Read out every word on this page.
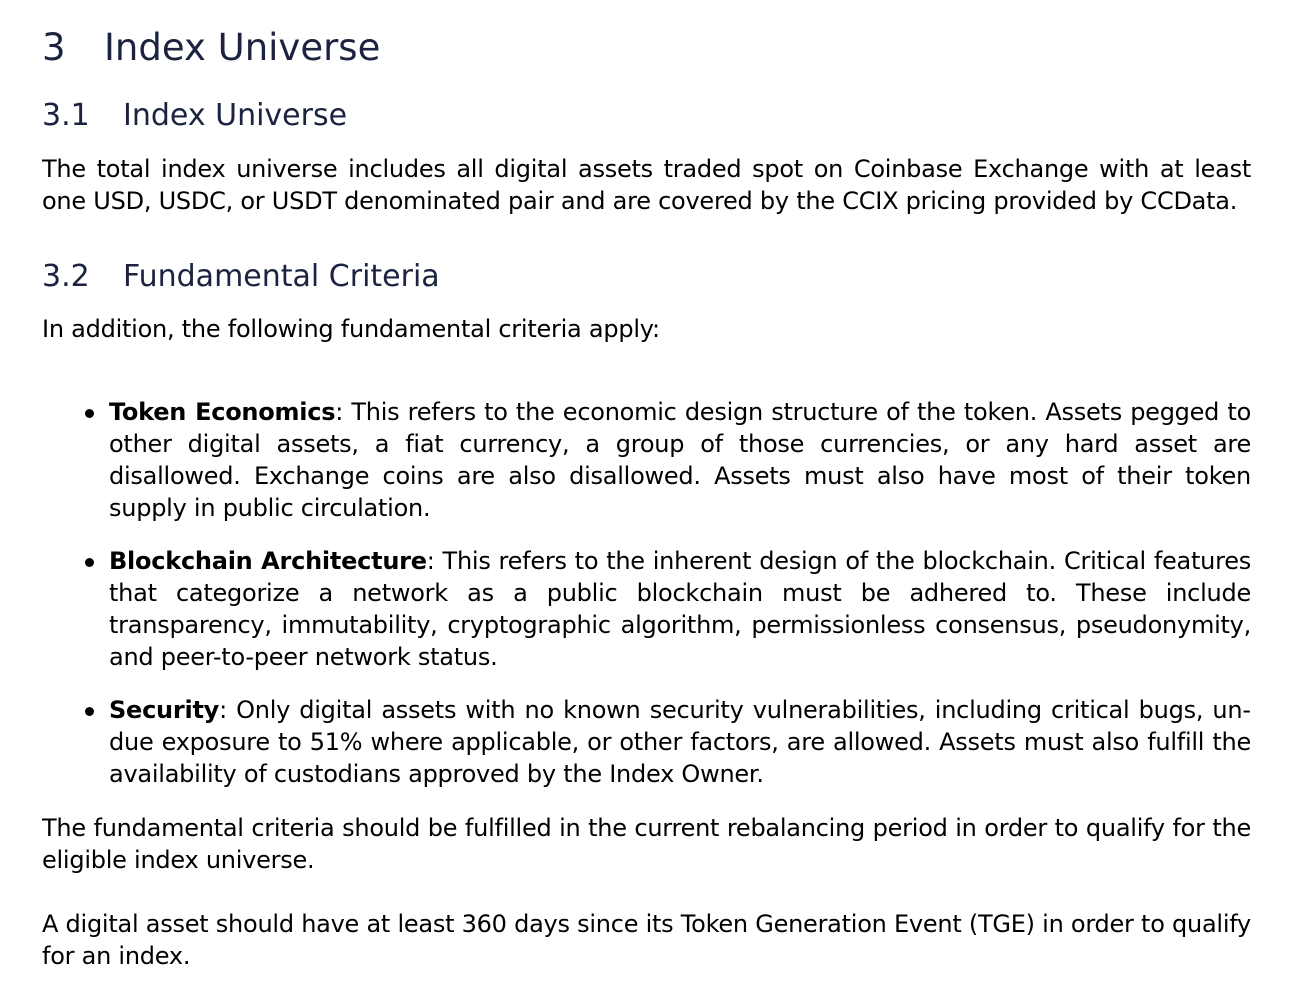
3 Index Universe
3.1 Index Universe
The total index universe includes all digital assets traded spot on Coinbase Exchange with at least one USD, USDC, or USDT denominated pair and are covered by the CCIX pricing provided by CCData.
3.2 Fundamental Criteria
In addition, the following fundamental criteria apply:
Token Economics: This refers to the economic design structure of the token. Assets pegged to other digital assets, a fiat currency, a group of those currencies, or any hard asset are disallowed. Exchange coins are also disallowed. Assets must also have most of their token supply in public circulation.
Blockchain Architecture: This refers to the inherent design of the blockchain. Critical features that categorize a network as a public blockchain must be adhered to. These include transparency, immutability, cryptographic algorithm, permissionless consensus, pseudonymity, and peer-to-peer network status.
Security: Only digital assets with no known security vulnerabilities, including critical bugs, undue exposure to 51% where applicable, or other factors, are allowed. Assets must also fulfill the availability of custodians approved by the Index Owner.
The fundamental criteria should be fulfilled in the current rebalancing period in order to qualify for the eligible index universe.
A digital asset should have at least 360 days since its Token Generation Event (TGE) in order to qualify for an index.
